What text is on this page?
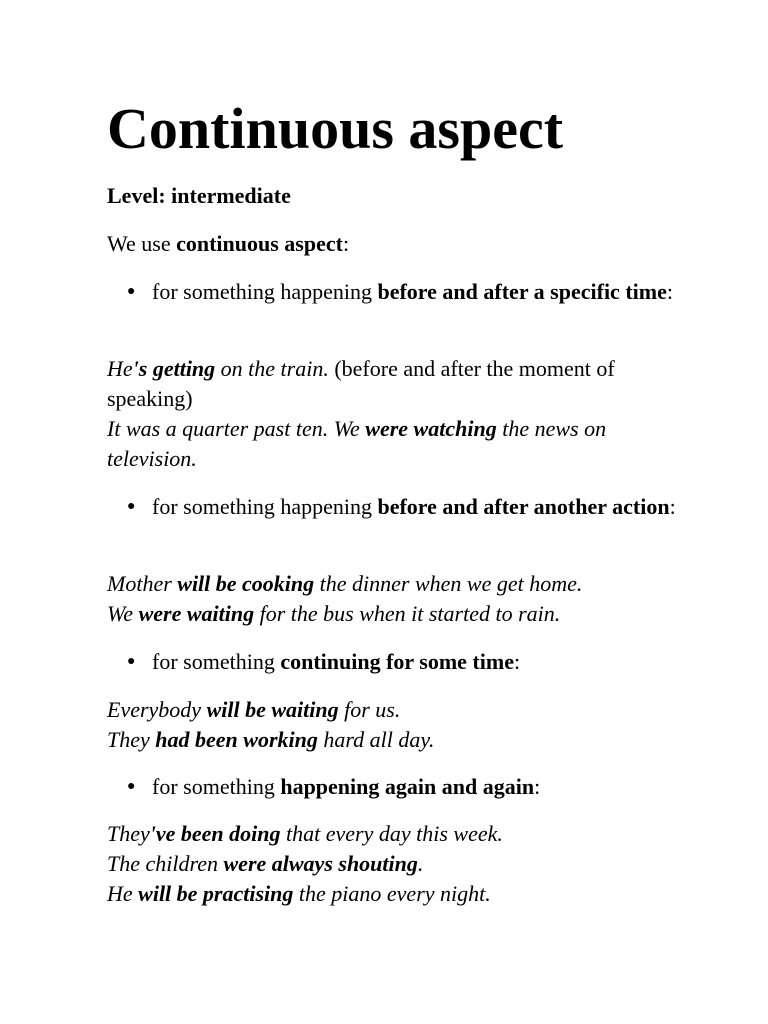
Continuous aspect
Level: intermediate
We use continuous aspect:
● for something happening before and after a specific time:
He's getting on the train. (before and after the moment of speaking)
It was a quarter past ten. We were watching the news on television.
● for something happening before and after another action:
Mother will be cooking the dinner when we get home.
We were waiting for the bus when it started to rain.
● for something continuing for some time:
Everybody will be waiting for us.
They had been working hard all day.
● for something happening again and again:
They've been doing that every day this week.
The children were always shouting.
He will be practising the piano every night.
